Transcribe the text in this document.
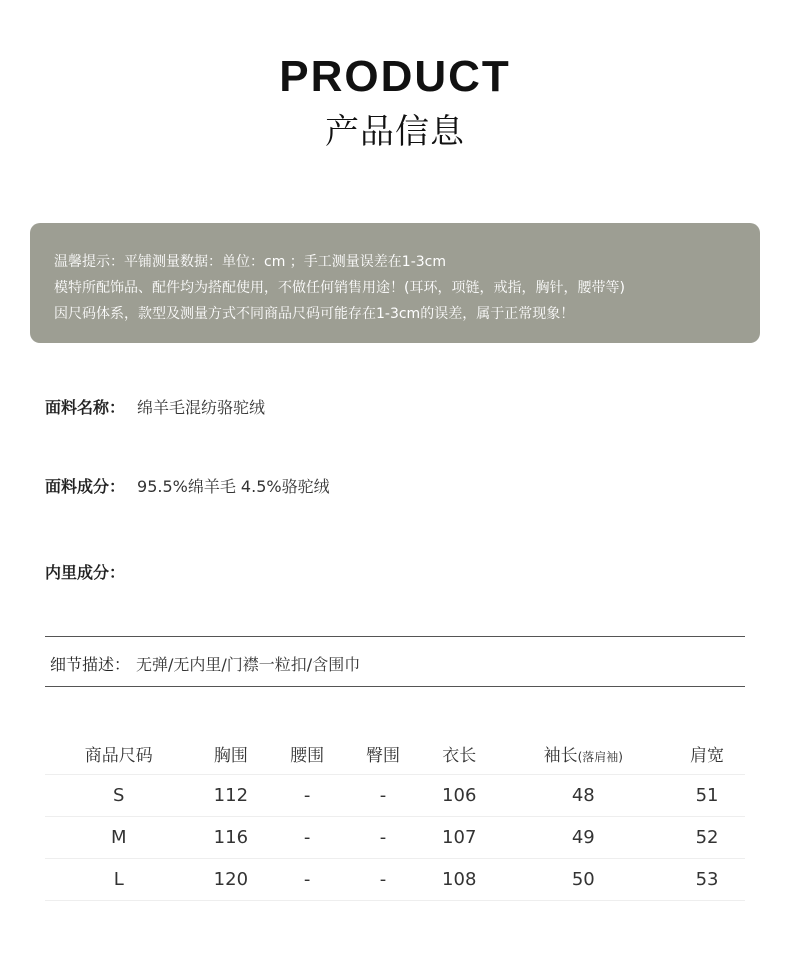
PRODUCT
产品信息
温馨提示：平铺测量数据：单位：cm ；手工测量误差在1-3cm
模特所配饰品、配件均为搭配使用，不做任何销售用途！(耳环，项链，戒指，胸针，腰带等)
因尺码体系，款型及测量方式不同商品尺码可能存在1-3cm的误差，属于正常现象！
面料名称： 绵羊毛混纺骆驼绒
面料成分： 95.5%绵羊毛 4.5%骆驼绒
内里成分：
细节描述： 无弹/无内里/门襟一粒扣/含围巾
商品尺码	胸围	腰围	臀围	衣长	袖长(落肩袖)	肩宽
S	112	-	-	106	48	51
M	116	-	-	107	49	52
L	120	-	-	108	50	53
